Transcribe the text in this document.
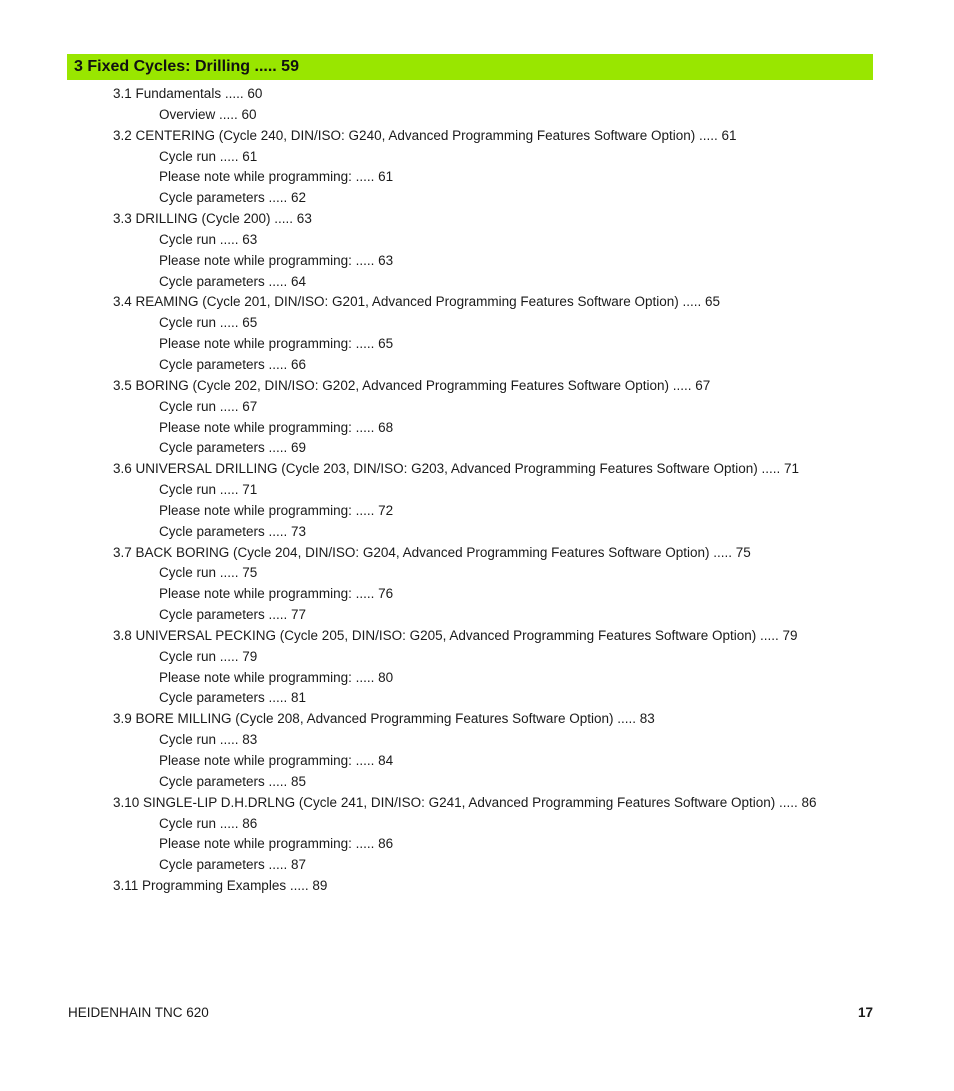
3 Fixed Cycles: Drilling ..... 59
3.1 Fundamentals ..... 60
Overview ..... 60
3.2 CENTERING (Cycle 240, DIN/ISO: G240, Advanced Programming Features Software Option) ..... 61
Cycle run ..... 61
Please note while programming: ..... 61
Cycle parameters ..... 62
3.3 DRILLING (Cycle 200) ..... 63
Cycle run ..... 63
Please note while programming: ..... 63
Cycle parameters ..... 64
3.4 REAMING (Cycle 201, DIN/ISO: G201, Advanced Programming Features Software Option) ..... 65
Cycle run ..... 65
Please note while programming: ..... 65
Cycle parameters ..... 66
3.5 BORING (Cycle 202, DIN/ISO: G202, Advanced Programming Features Software Option) ..... 67
Cycle run ..... 67
Please note while programming: ..... 68
Cycle parameters ..... 69
3.6 UNIVERSAL DRILLING (Cycle 203, DIN/ISO: G203, Advanced Programming Features Software Option) ..... 71
Cycle run ..... 71
Please note while programming: ..... 72
Cycle parameters ..... 73
3.7 BACK BORING (Cycle 204, DIN/ISO: G204, Advanced Programming Features Software Option) ..... 75
Cycle run ..... 75
Please note while programming: ..... 76
Cycle parameters ..... 77
3.8 UNIVERSAL PECKING (Cycle 205, DIN/ISO: G205, Advanced Programming Features Software Option) ..... 79
Cycle run ..... 79
Please note while programming: ..... 80
Cycle parameters ..... 81
3.9 BORE MILLING (Cycle 208, Advanced Programming Features Software Option) ..... 83
Cycle run ..... 83
Please note while programming: ..... 84
Cycle parameters ..... 85
3.10 SINGLE-LIP D.H.DRLNG (Cycle 241, DIN/ISO: G241, Advanced Programming Features Software Option) ..... 86
Cycle run ..... 86
Please note while programming: ..... 86
Cycle parameters ..... 87
3.11 Programming Examples ..... 89
HEIDENHAIN TNC 620	17
